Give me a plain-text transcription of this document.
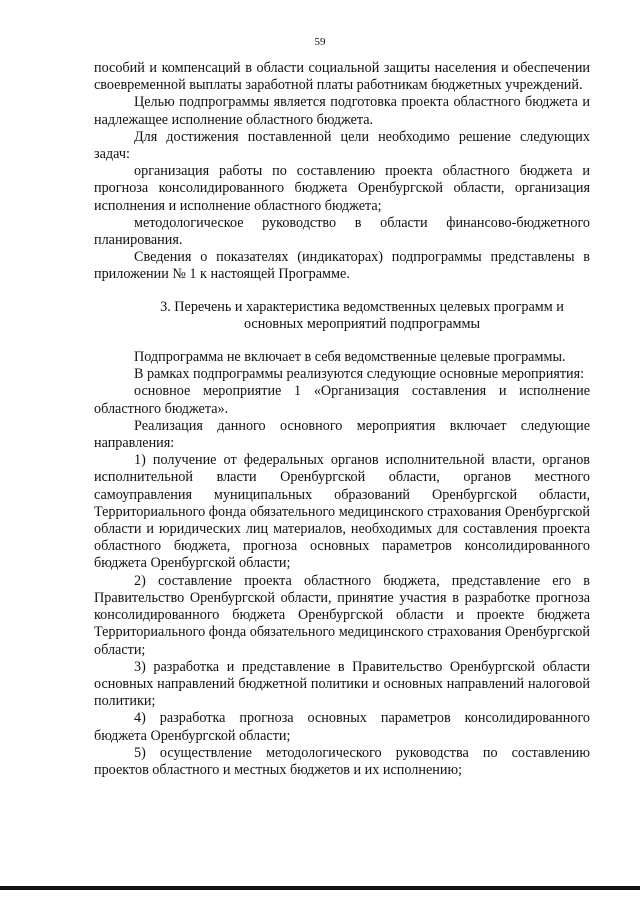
59

пособий и компенсаций в области социальной защиты населения и обеспечении своевременной выплаты заработной платы работникам бюджетных учреждений.

Целью подпрограммы является подготовка проекта областного бюджета и надлежащее исполнение областного бюджета.

Для достижения поставленной цели необходимо решение следующих задач:

организация работы по составлению проекта областного бюджета и прогноза консолидированного бюджета Оренбургской области, организация исполнения и исполнение областного бюджета;

методологическое руководство в области финансово-бюджетного планирования.

Сведения о показателях (индикаторах) подпрограммы представлены в приложении № 1 к настоящей Программе.

3. Перечень и характеристика ведомственных целевых программ и основных мероприятий подпрограммы

Подпрограмма не включает в себя ведомственные целевые программы.

В рамках подпрограммы реализуются следующие основные мероприятия:

основное мероприятие 1 «Организация составления и исполнение областного бюджета».

Реализация данного основного мероприятия включает следующие направления:

1) получение от федеральных органов исполнительной власти, органов исполнительной власти Оренбургской области, органов местного самоуправления муниципальных образований Оренбургской области, Территориального фонда обязательного медицинского страхования Оренбургской области и юридических лиц материалов, необходимых для составления проекта областного бюджета, прогноза основных параметров консолидированного бюджета Оренбургской области;

2) составление проекта областного бюджета, представление его в Правительство Оренбургской области, принятие участия в разработке прогноза консолидированного бюджета Оренбургской области и проекте бюджета Территориального фонда обязательного медицинского страхования Оренбургской области;

3) разработка и представление в Правительство Оренбургской области основных направлений бюджетной политики и основных направлений налоговой политики;

4) разработка прогноза основных параметров консолидированного бюджета Оренбургской области;

5) осуществление методологического руководства по составлению проектов областного и местных бюджетов и их исполнению;
